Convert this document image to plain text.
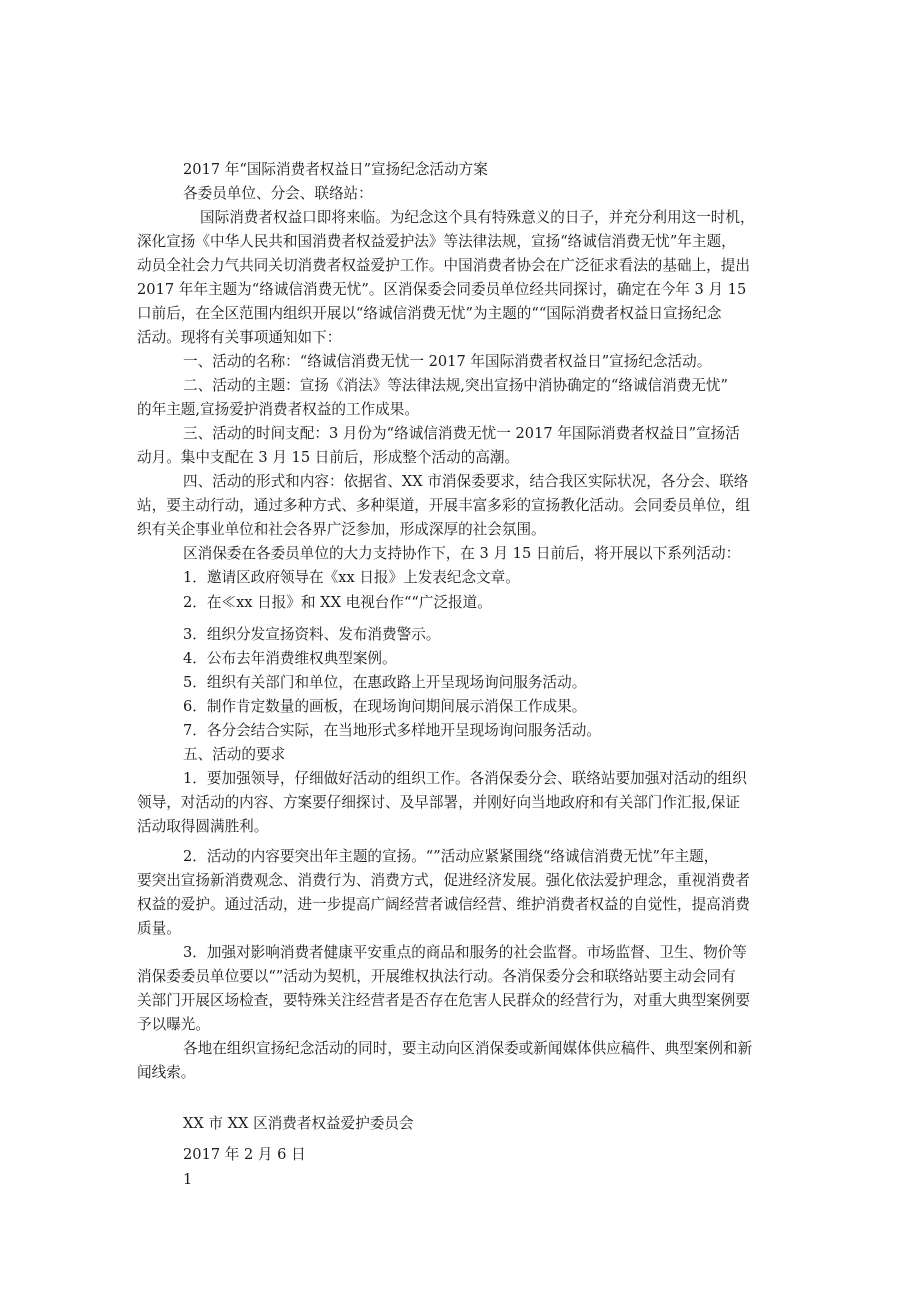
2017 年“国际消费者权益日”宣扬纪念活动方案
各委员单位、分会、联络站：
国际消费者权益口即将来临。为纪念这个具有特殊意义的日子，并充分利用这一时机，
深化宣扬《中华人民共和国消费者权益爱护法》等法律法规，宣扬“络诚信消费无忧”年主题，
动员全社会力气共同关切消费者权益爱护工作。中国消费者协会在广泛征求看法的基础上，提出
2017 年年主题为“络诚信消费无忧”。区消保委会同委员单位经共同探讨，确定在今年 3 月 15
口前后，在全区范围内组织开展以“络诚信消费无忧”为主题的““国际消费者权益日宣扬纪念
活动。现将有关事项通知如下：
一、活动的名称：“络诚信消费无忧一 2017 年国际消费者权益日”宣扬纪念活动。
二、活动的主题：宣扬《消法》等法律法规,突出宣扬中消协确定的“络诚信消费无忧”
的年主题,宣扬爱护消费者权益的工作成果。
三、活动的时间支配：3 月份为“络诚信消费无忧一 2017 年国际消费者权益日”宣扬活
动月。集中支配在 3 月 15 日前后，形成整个活动的高潮。
四、活动的形式和内容：依据省、XX 市消保委要求，结合我区实际状况，各分会、联络
站，要主动行动，通过多种方式、多种渠道，开展丰富多彩的宣扬教化活动。会同委员单位，组
织有关企事业单位和社会各界广泛参加，形成深厚的社会氛围。
区消保委在各委员单位的大力支持协作下，在 3 月 15 日前后，将开展以下系列活动：
1．邀请区政府领导在《xx 日报》上发表纪念文章。
2．在≪xx 日报》和 XX 电视台作““广泛报道。
3．组织分发宣扬资料、发布消费警示。
4．公布去年消费维权典型案例。
5．组织有关部门和单位，在惠政路上开呈现场询问服务活动。
6．制作肯定数量的画板，在现场询问期间展示消保工作成果。
7．各分会结合实际，在当地形式多样地开呈现场询问服务活动。
五、活动的要求
1．要加强领导，仔细做好活动的组织工作。各消保委分会、联络站要加强对活动的组织
领导，对活动的内容、方案要仔细探讨、及早部署，并刚好向当地政府和有关部门作汇报,保证
活动取得圆满胜利。
2．活动的内容要突出年主题的宣扬。“”活动应紧紧围绕“络诚信消费无忧”年主题，
要突出宣扬新消费观念、消费行为、消费方式，促进经济发展。强化依法爱护理念，重视消费者
权益的爱护。通过活动，进一步提高广阔经营者诚信经营、维护消费者权益的自觉性，提高消费
质量。
3．加强对影响消费者健康平安重点的商品和服务的社会监督。市场监督、卫生、物价等
消保委委员单位要以“”活动为契机，开展维权执法行动。各消保委分会和联络站要主动会同有
关部门开展区场检查，要特殊关注经营者是否存在危害人民群众的经营行为，对重大典型案例要
予以曝光。
各地在组织宣扬纪念活动的同时，要主动向区消保委或新闻媒体供应稿件、典型案例和新
闻线索。
XX 市 XX 区消费者权益爱护委员会
2017 年 2 月 6 日
1
